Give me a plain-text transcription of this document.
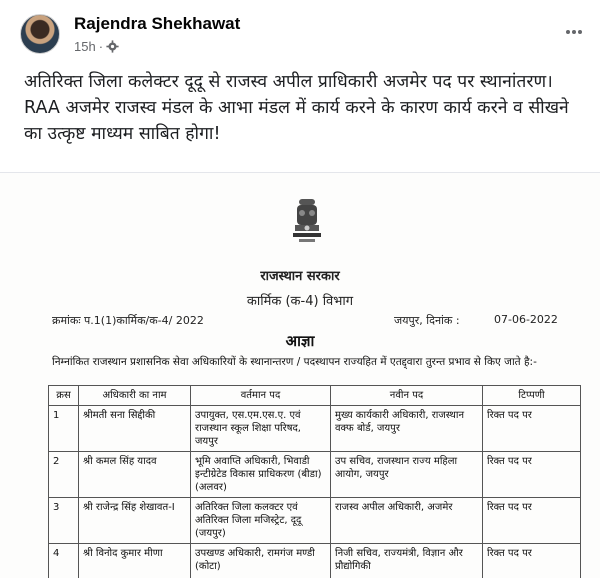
Rajendra Shekhawat
15h ·
अतिरिक्त जिला कलेक्टर दूदू से राजस्व अपील प्राधिकारी अजमेर पद पर स्थानांतरण। RAA अजमेर राजस्व मंडल के आभा मंडल में कार्य करने के कारण कार्य करने व सीखने का उत्कृष्ट माध्यम साबित होगा!
राजस्थान सरकार
कार्मिक (क-4) विभाग
क्रमांकः प.1(1)कार्मिक/क-4/ 2022	जयपुर, दिनांक :	07-06-2022
आज्ञा
निम्नांकित राजस्थान प्रशासनिक सेवा अधिकारियों के स्थानान्तरण / पदस्थापन राज्यहित में एतद्द्वारा तुरन्त प्रभाव से किए जाते है:-
क्रस	अधिकारी का नाम	वर्तमान पद	नवीन पद	टिप्पणी
1	श्रीमती सना सिद्दीकी	उपायुक्त, एस.एम.एस.ए. एवं राजस्थान स्कूल शिक्षा परिषद, जयपुर	मुख्य कार्यकारी अधिकारी, राजस्थान वक्फ बोर्ड, जयपुर	रिक्त पद पर
2	श्री कमल सिंह यादव	भूमि अवाप्ति अधिकारी, भिवाडी इन्टीग्रेटेड विकास प्राधिकरण (बीडा) (अलवर)	उप सचिव, राजस्थान राज्य महिला आयोग, जयपुर	रिक्त पद पर
3	श्री राजेन्द्र सिंह शेखावत-I	अतिरिक्त जिला कलक्टर एवं अतिरिक्त जिला मजिस्ट्रेट, दूदू (जयपुर)	राजस्व अपील अधिकारी, अजमेर	रिक्त पद पर
4	श्री विनोद कुमार मीणा	उपखण्ड अधिकारी, रामगंज मण्डी (कोटा)	निजी सचिव, राज्यमंत्री, विज्ञान और प्रौद्योगिकी	रिक्त पद पर
